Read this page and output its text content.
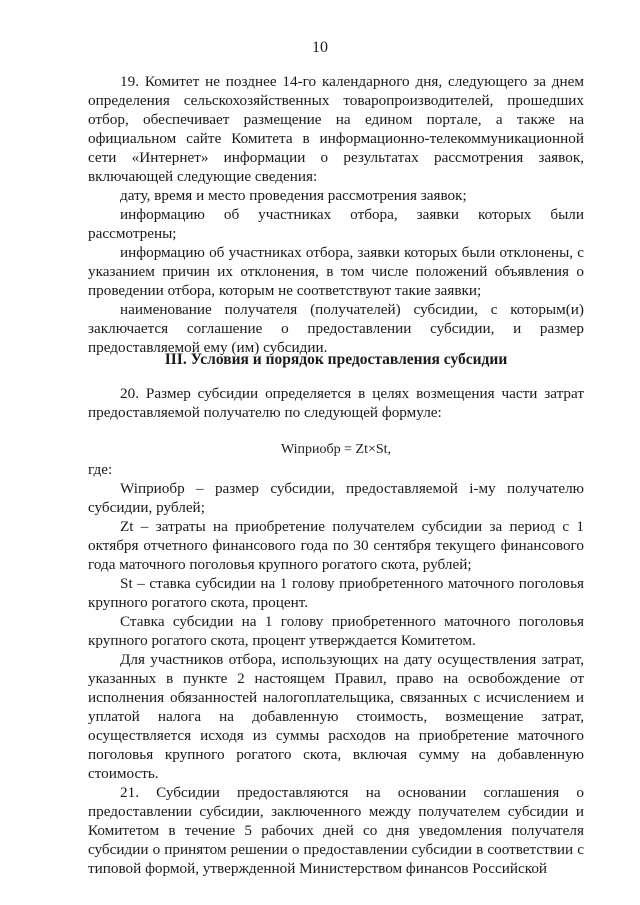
10

19. Комитет не позднее 14-го календарного дня, следующего за днем определения сельскохозяйственных товаропроизводителей, прошедших отбор, обеспечивает размещение на едином портале, а также на официальном сайте Комитета в информационно-телекоммуникационной сети «Интернет» информации о результатах рассмотрения заявок, включающей следующие сведения:

дату, время и место проведения рассмотрения заявок;

информацию об участниках отбора, заявки которых были рассмотрены;

информацию об участниках отбора, заявки которых были отклонены, с указанием причин их отклонения, в том числе положений объявления о проведении отбора, которым не соответствуют такие заявки;

наименование получателя (получателей) субсидии, с которым(и) заключается соглашение о предоставлении субсидии, и размер предоставляемой ему (им) субсидии.

III. Условия и порядок предоставления субсидии

20. Размер субсидии определяется в целях возмещения части затрат предоставляемой получателю по следующей формуле:

Wiприобр = Zt×St,

где:

Wiприобр – размер субсидии, предоставляемой i-му получателю субсидии, рублей;

Zt – затраты на приобретение получателем субсидии за период с 1 октября отчетного финансового года по 30 сентября текущего финансового года маточного поголовья крупного рогатого скота, рублей;

St – ставка субсидии на 1 голову приобретенного маточного поголовья крупного рогатого скота, процент.

Ставка субсидии на 1 голову приобретенного маточного поголовья крупного рогатого скота, процент утверждается Комитетом.

Для участников отбора, использующих на дату осуществления затрат, указанных в пункте 2 настоящем Правил, право на освобождение от исполнения обязанностей налогоплательщика, связанных с исчислением и уплатой налога на добавленную стоимость, возмещение затрат, осуществляется исходя из суммы расходов на приобретение маточного поголовья крупного рогатого скота, включая сумму на добавленную стоимость.

21. Субсидии предоставляются на основании соглашения о предоставлении субсидии, заключенного между получателем субсидии и Комитетом в течение 5 рабочих дней со дня уведомления получателя субсидии о принятом решении о предоставлении субсидии в соответствии с типовой формой, утвержденной Министерством финансов Российской
